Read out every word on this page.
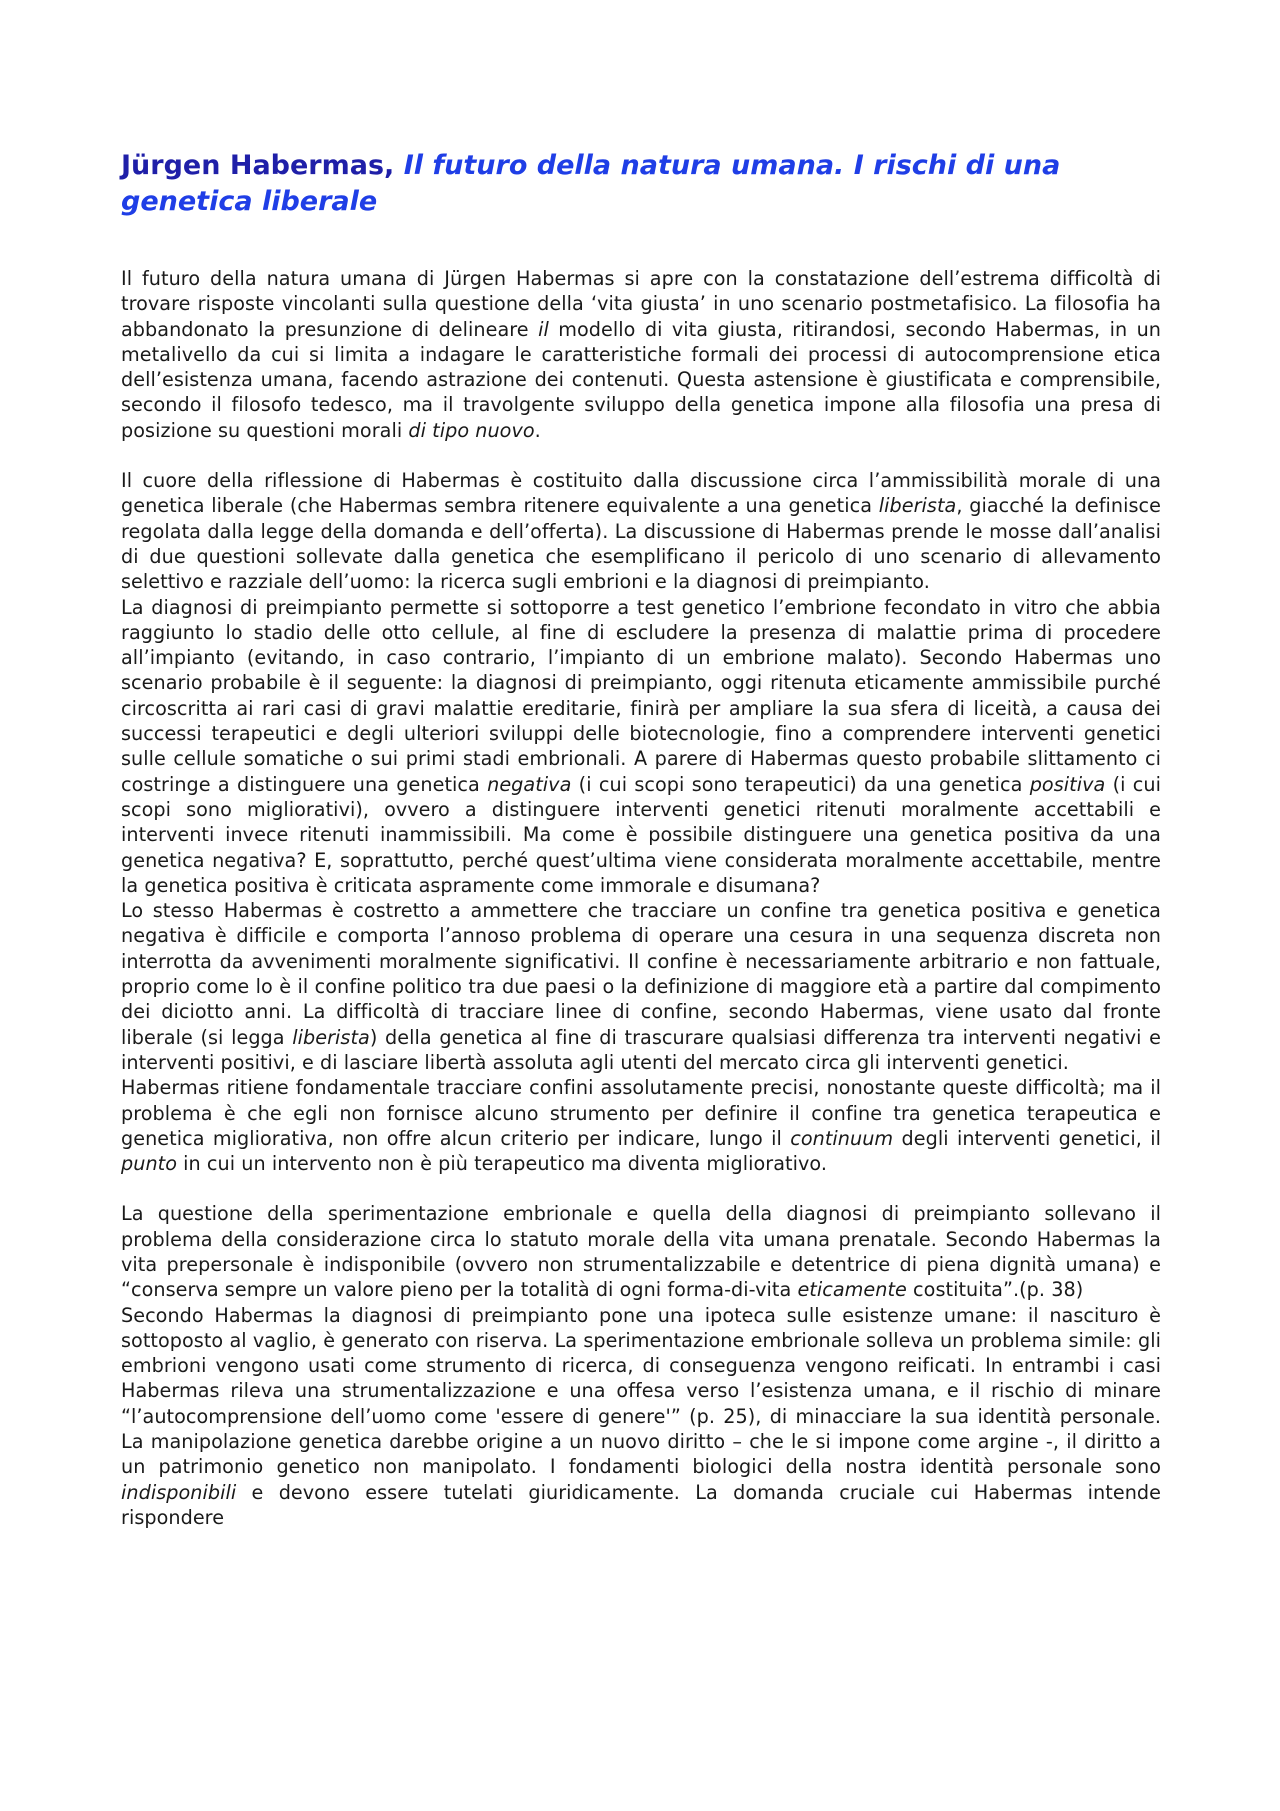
Jürgen Habermas, Il futuro della natura umana. I rischi di una genetica liberale

Il futuro della natura umana di Jürgen Habermas si apre con la constatazione dell’estrema difficoltà di trovare risposte vincolanti sulla questione della ‘vita giusta’ in uno scenario postmetafisico. La filosofia ha abbandonato la presunzione di delineare il modello di vita giusta, ritirandosi, secondo Habermas, in un metalivello da cui si limita a indagare le caratteristiche formali dei processi di autocomprensione etica dell’esistenza umana, facendo astrazione dei contenuti. Questa astensione è giustificata e comprensibile, secondo il filosofo tedesco, ma il travolgente sviluppo della genetica impone alla filosofia una presa di posizione su questioni morali di tipo nuovo.

Il cuore della riflessione di Habermas è costituito dalla discussione circa l’ammissibilità morale di una genetica liberale (che Habermas sembra ritenere equivalente a una genetica liberista, giacché la definisce regolata dalla legge della domanda e dell’offerta). La discussione di Habermas prende le mosse dall’analisi di due questioni sollevate dalla genetica che esemplificano il pericolo di uno scenario di allevamento selettivo e razziale dell’uomo: la ricerca sugli embrioni e la diagnosi di preimpianto.

La diagnosi di preimpianto permette si sottoporre a test genetico l’embrione fecondato in vitro che abbia raggiunto lo stadio delle otto cellule, al fine di escludere la presenza di malattie prima di procedere all’impianto (evitando, in caso contrario, l’impianto di un embrione malato). Secondo Habermas uno scenario probabile è il seguente: la diagnosi di preimpianto, oggi ritenuta eticamente ammissibile purché circoscritta ai rari casi di gravi malattie ereditarie, finirà per ampliare la sua sfera di liceità, a causa dei successi terapeutici e degli ulteriori sviluppi delle biotecnologie, fino a comprendere interventi genetici sulle cellule somatiche o sui primi stadi embrionali. A parere di Habermas questo probabile slittamento ci costringe a distinguere una genetica negativa (i cui scopi sono terapeutici) da una genetica positiva (i cui scopi sono migliorativi), ovvero a distinguere interventi genetici ritenuti moralmente accettabili e interventi invece ritenuti inammissibili. Ma come è possibile distinguere una genetica positiva da una genetica negativa? E, soprattutto, perché quest’ultima viene considerata moralmente accettabile, mentre la genetica positiva è criticata aspramente come immorale e disumana?

Lo stesso Habermas è costretto a ammettere che tracciare un confine tra genetica positiva e genetica negativa è difficile e comporta l’annoso problema di operare una cesura in una sequenza discreta non interrotta da avvenimenti moralmente significativi. Il confine è necessariamente arbitrario e non fattuale, proprio come lo è il confine politico tra due paesi o la definizione di maggiore età a partire dal compimento dei diciotto anni. La difficoltà di tracciare linee di confine, secondo Habermas, viene usato dal fronte liberale (si legga liberista) della genetica al fine di trascurare qualsiasi differenza tra interventi negativi e interventi positivi, e di lasciare libertà assoluta agli utenti del mercato circa gli interventi genetici.

Habermas ritiene fondamentale tracciare confini assolutamente precisi, nonostante queste difficoltà; ma il problema è che egli non fornisce alcuno strumento per definire il confine tra genetica terapeutica e genetica migliorativa, non offre alcun criterio per indicare, lungo il continuum degli interventi genetici, il punto in cui un intervento non è più terapeutico ma diventa migliorativo.

La questione della sperimentazione embrionale e quella della diagnosi di preimpianto sollevano il problema della considerazione circa lo statuto morale della vita umana prenatale. Secondo Habermas la vita prepersonale è indisponibile (ovvero non strumentalizzabile e detentrice di piena dignità umana) e “conserva sempre un valore pieno per la totalità di ogni forma-di-vita eticamente costituita”.(p. 38)

Secondo Habermas la diagnosi di preimpianto pone una ipoteca sulle esistenze umane: il nascituro è sottoposto al vaglio, è generato con riserva. La sperimentazione embrionale solleva un problema simile: gli embrioni vengono usati come strumento di ricerca, di conseguenza vengono reificati. In entrambi i casi Habermas rileva una strumentalizzazione e una offesa verso l’esistenza umana, e il rischio di minare “l’autocomprensione dell’uomo come 'essere di genere'” (p. 25), di minacciare la sua identità personale. La manipolazione genetica darebbe origine a un nuovo diritto – che le si impone come argine -, il diritto a un patrimonio genetico non manipolato. I fondamenti biologici della nostra identità personale sono indisponibili e devono essere tutelati giuridicamente. La domanda cruciale cui Habermas intende rispondere
